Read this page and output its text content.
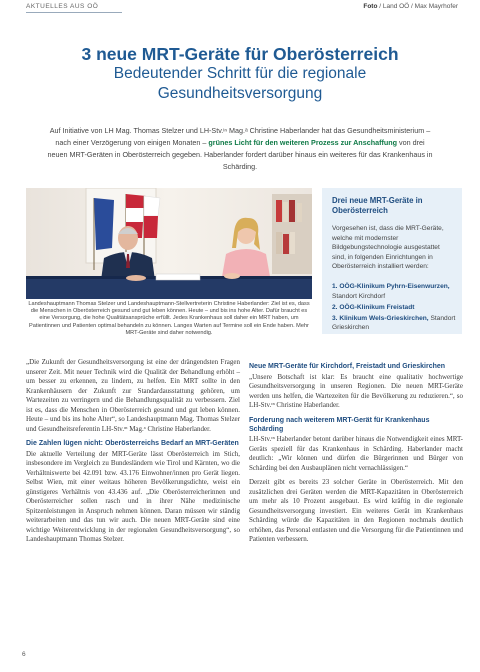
AKTUELLES AUS OÖ	Foto / Land OÖ / Max Mayrhofer
3 neue MRT-Geräte für Oberösterreich
Bedeutender Schritt für die regionale
Gesundheitsversorgung
Auf Initiative von LH Mag. Thomas Stelzer und LH-Stv.ᶦⁿ Mag.ᵃ Christine Haberlander hat das Gesundheitsministerium – nach einer Verzögerung von einigen Monaten – grünes Licht für den weiteren Prozess zur Anschaffung von drei neuen MRT-Geräten in Oberösterreich gegeben. Haberlander fordert darüber hinaus ein weiteres für das Krankenhaus in Schärding.
Landeshauptmann Thomas Stelzer und Landeshauptmann-Stellvertreterin Christine Haberlander: Ziel ist es, dass die Menschen in Oberösterreich gesund und gut leben können. Heute – und bis ins hohe Alter. Dafür braucht es eine Versorgung, die hohe Qualitätsansprüche erfüllt. Jedes Krankenhaus soll daher ein MRT haben, um Patientinnen und Patienten optimal behandeln zu können. Langes Warten auf Termine soll ein Ende haben. Mehr MRT-Geräte sind daher notwendig.
Drei neue MRT-Geräte in Oberösterreich
Vorgesehen ist, dass die MRT-Geräte, welche mit modernster Bildgebungstechnologie ausgestattet sind, in folgenden Einrichtungen in Oberösterreich installiert werden:
1. OÖG-Klinikum Pyhrn-Eisenwurzen, Standort Kirchdorf
2. OÖG-Klinikum Freistadt
3. Klinikum Wels-Grieskirchen, Standort Grieskirchen

„Die Zukunft der Gesundheitsversorgung ist eine der drängendsten Fragen unserer Zeit. Mit neuer Technik wird die Qualität der Behandlung erhöht – um besser zu erkennen, zu lindern, zu helfen. Ein MRT sollte in den Krankenhäusern der Zukunft zur Standardausstattung gehören, um Wartezeiten zu verringern und die Behandlungsqualität zu verbessern. Ziel ist es, dass die Menschen in Oberösterreich gesund und gut leben können. Heute – und bis ins hohe Alter“, so Landeshauptmann Mag. Thomas Stelzer und Gesundheitsreferentin LH-Stv.ᶦⁿ Mag.ᵃ Christine Haberlander.

Die Zahlen lügen nicht: Oberösterreichs Bedarf an MRT-Geräten

Die aktuelle Verteilung der MRT-Geräte lässt Oberösterreich im Stich, insbesondere im Vergleich zu Bundesländern wie Tirol und Kärnten, wo die Verhältniswerte bei 42.091 bzw. 43.176 Einwohner/innen pro Gerät liegen. Selbst Wien, mit einer weitaus höheren Bevölkerungsdichte, weist ein günstigeres Verhältnis von 43.436 auf. „Die Oberösterreicherinnen und Oberösterreicher sollen rasch und in ihrer Nähe medizinische Spitzenleistungen in Anspruch nehmen können. Daran müssen wir ständig weiterarbeiten und das tun wir auch. Die neuen MRT-Geräte sind eine wichtige Weiterentwicklung in der regionalen Gesundheitsversorgung“, so Landeshauptmann Thomas Stelzer.

Neue MRT-Geräte für Kirchdorf, Freistadt und Grieskirchen

„Unsere Botschaft ist klar: Es braucht eine qualitativ hochwertige Gesundheitsversorgung in unseren Regionen. Die neuen MRT-Geräte werden uns helfen, die Wartezeiten für die Bevölkerung zu reduzieren.“, so LH-Stv.ᶦⁿ Christine Haberlander.

Forderung nach weiterem MRT-Gerät für Krankenhaus Schärding

LH-Stv.ᶦⁿ Haberlander betont darüber hinaus die Notwendigkeit eines MRT-Geräts speziell für das Krankenhaus in Schärding. Haberlander macht deutlich: „Wir können und dürfen die Bürgerinnen und Bürger von Schärding bei den Ausbauplänen nicht vernachlässigen.“

Derzeit gibt es bereits 23 solcher Geräte in Oberösterreich. Mit den zusätzlichen drei Geräten werden die MRT-Kapazitäten in Oberösterreich um mehr als 10 Prozent ausgebaut. Es wird kräftig in die regionale Gesundheitsversorgung investiert. Ein weiteres Gerät im Krankenhaus Schärding würde die Kapazitäten in den Regionen nochmals deutlich erhöhen, das Personal entlasten und die Versorgung für die Patientinnen und Patienten verbessern.

6
